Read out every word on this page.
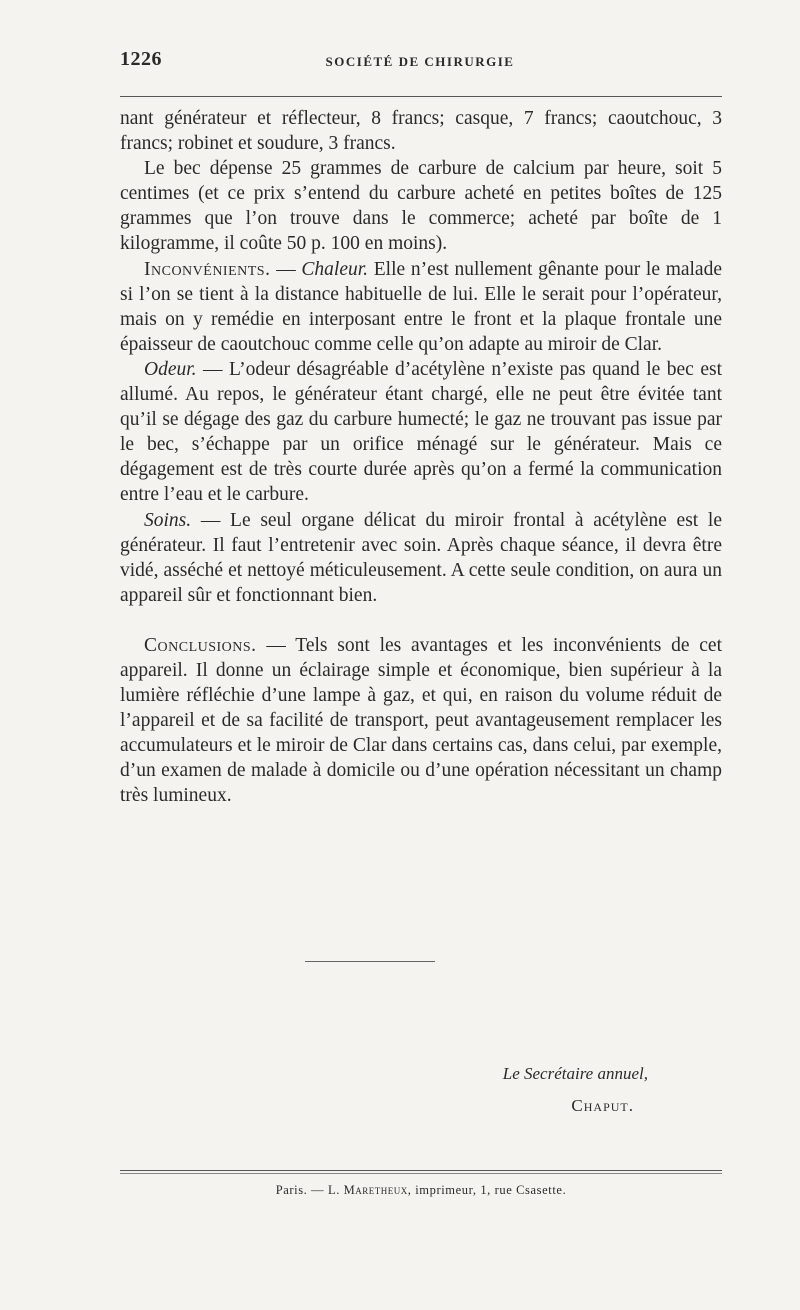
1226	SOCIÉTÉ DE CHIRURGIE

nant générateur et réflecteur, 8 francs; casque, 7 francs; caoutchouc, 3 francs; robinet et soudure, 3 francs.

Le bec dépense 25 grammes de carbure de calcium par heure, soit 5 centimes (et ce prix s’entend du carbure acheté en petites boîtes de 125 grammes que l’on trouve dans le commerce; acheté par boîte de 1 kilogramme, il coûte 50 p. 100 en moins).

Inconvénients. — Chaleur. Elle n’est nullement gênante pour le malade si l’on se tient à la distance habituelle de lui. Elle le serait pour l’opérateur, mais on y remédie en interposant entre le front et la plaque frontale une épaisseur de caoutchouc comme celle qu’on adapte au miroir de Clar.

Odeur. — L’odeur désagréable d’acétylène n’existe pas quand le bec est allumé. Au repos, le générateur étant chargé, elle ne peut être évitée tant qu’il se dégage des gaz du carbure humecté; le gaz ne trouvant pas issue par le bec, s’échappe par un orifice ménagé sur le générateur. Mais ce dégagement est de très courte durée après qu’on a fermé la communication entre l’eau et le carbure.

Soins. — Le seul organe délicat du miroir frontal à acétylène est le générateur. Il faut l’entretenir avec soin. Après chaque séance, il devra être vidé, asséché et nettoyé méticuleusement. A cette seule condition, on aura un appareil sûr et fonctionnant bien.

Conclusions. — Tels sont les avantages et les inconvénients de cet appareil. Il donne un éclairage simple et économique, bien supérieur à la lumière réfléchie d’une lampe à gaz, et qui, en raison du volume réduit de l’appareil et de sa facilité de transport, peut avantageusement remplacer les accumulateurs et le miroir de Clar dans certains cas, dans celui, par exemple, d’un examen de malade à domicile ou d’une opération nécessitant un champ très lumineux.

Le Secrétaire annuel,
Chaput.
Paris. — L. Maretheux, imprimeur, 1, rue Csasette.
